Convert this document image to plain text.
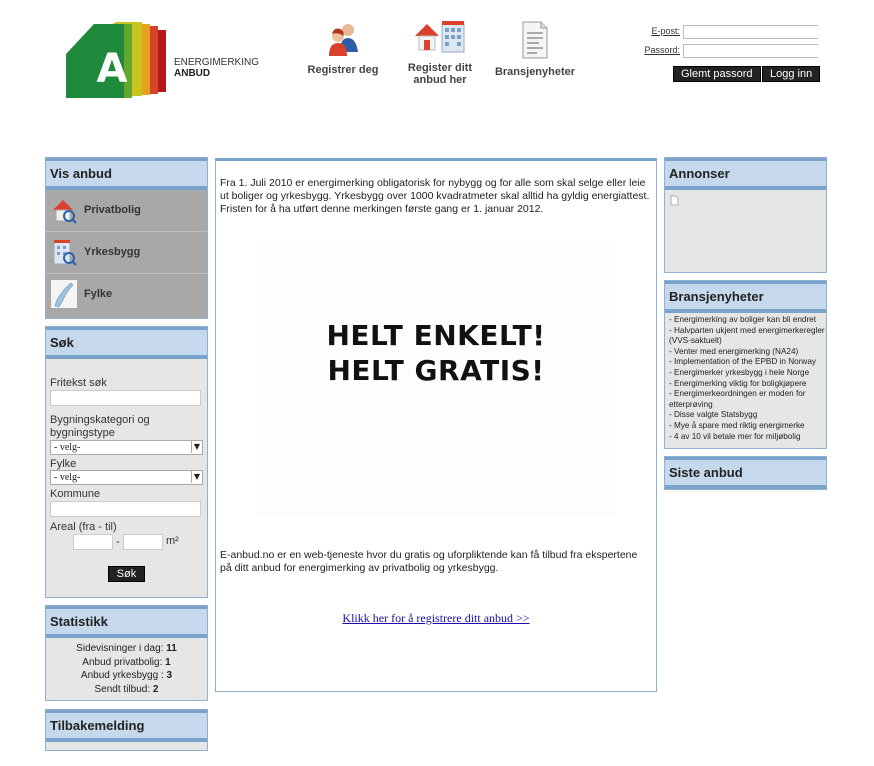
A	ENERGIMERKING
ANBUD	Registrer deg	Register ditt anbud her
Bransjenyheter
E-post:
Passord:
Glemt passord	Logg inn
Vis anbud
Privatbolig
Yrkesbygg
Fylke
Søk
Fritekst søk
Bygningskategori og bygningstype
- velg-	▼
Fylke
- velg-	▼
Kommune
Areal (fra - til)
-	m²
Søk
Statistikk
Sidevisninger i dag: 11
Anbud privatbolig: 1
Anbud yrkesbygg : 3
Sendt tilbud: 2
Tilbakemelding
Fra 1. Juli 2010 er energimerking obligatorisk for nybygg og for alle som skal selge eller leie ut boliger og yrkesbygg. Yrkesbygg over 1000 kvadratmeter skal alltid ha gyldig energiattest. Fristen for å ha utført denne merkingen første gang er 1. januar 2012.
HELT ENKELT!
HELT GRATIS!
E-anbud.no er en web-tjeneste hvor du gratis og uforpliktende kan få tilbud fra ekspertene på ditt anbud for energimerking av privatbolig og yrkesbygg.
Klikk her for å registrere ditt anbud >>
Annonser
Bransjenyheter
- Energimerking av boliger kan bli endret
- Halvparten ukjent med energimerkeregler (VVS-saktuelt)
- Venter med energimerking (NA24)
- Implementation of the EPBD in Norway
- Energimerker yrkesbygg i hele Norge
- Energimerking viktig for boligkjøpere
- Energimerkeordningen er moden for etterprøving
- Disse valgte Statsbygg
- Mye å spare med riktig energimerke
- 4 av 10 vil betale mer for miljøbolig
Siste anbud
